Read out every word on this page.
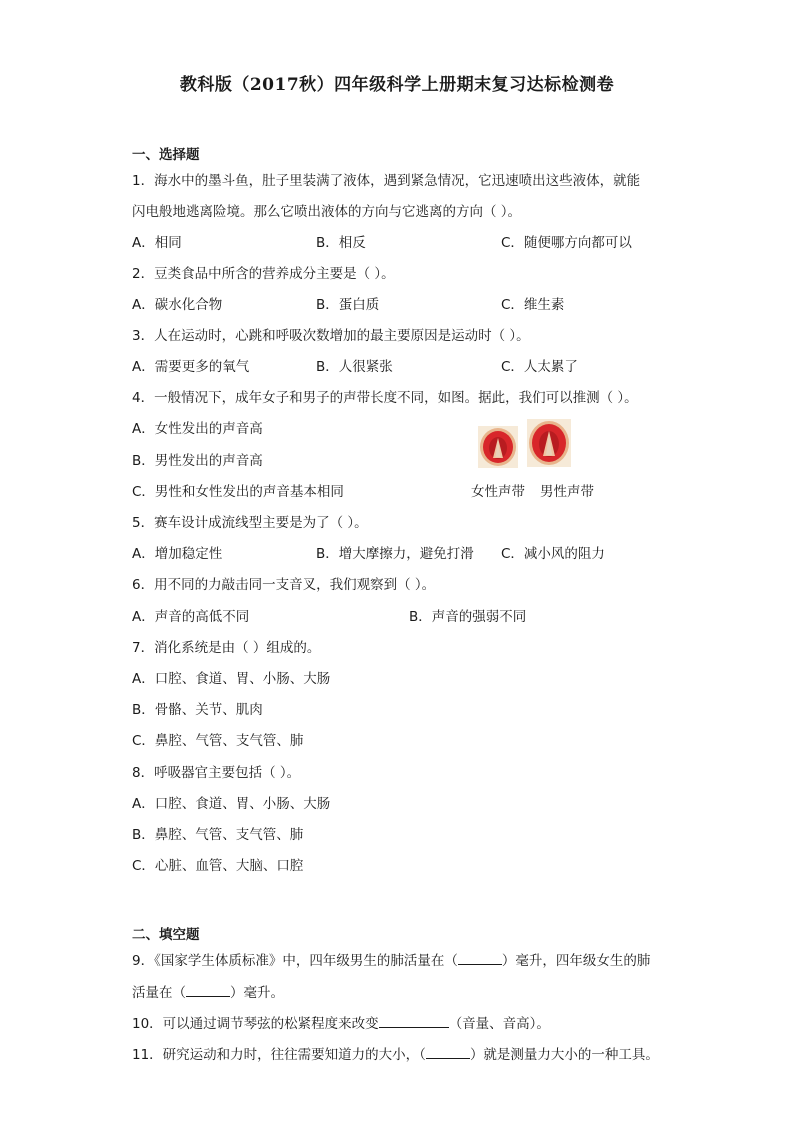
教科版（2017秋）四年级科学上册期末复习达标检测卷
一、选择题
1．海水中的墨斗鱼，肚子里装满了液体，遇到紧急情况，它迅速喷出这些液体，就能
闪电般地逃离险境。那么它喷出液体的方向与它逃离的方向（ ）。
A．相同	B．相反	C．随便哪方向都可以
2．豆类食品中所含的营养成分主要是（ ）。
A．碳水化合物	B．蛋白质	C．维生素
3．人在运动时，心跳和呼吸次数增加的最主要原因是运动时（ ）。
A．需要更多的氧气	B．人很紧张	C．人太累了
4．一般情况下，成年女子和男子的声带长度不同，如图。据此，我们可以推测（ ）。
A．女性发出的声音高
B．男性发出的声音高
C．男性和女性发出的声音基本相同	女性声带 男性声带
5．赛车设计成流线型主要是为了（ ）。
A．增加稳定性	B．增大摩擦力，避免打滑 C．减小风的阻力
6．用不同的力敲击同一支音叉，我们观察到（ ）。
A．声音的高低不同	B．声音的强弱不同
7．消化系统是由（ ）组成的。
A．口腔、食道、胃、小肠、大肠
B．骨骼、关节、肌肉
C．鼻腔、气管、支气管、肺
8．呼吸器官主要包括（ ）。
A．口腔、食道、胃、小肠、大肠
B．鼻腔、气管、支气管、肺
C．心脏、血管、大脑、口腔
二、填空题
9．《国家学生体质标准》中，四年级男生的肺活量在（	）毫升，四年级女生的肺
活量在（	）毫升。
10．可以通过调节琴弦的松紧程度来改变	（音量、音高）。
11．研究运动和力时，往往需要知道力的大小，（	）就是测量力大小的一种工具。
